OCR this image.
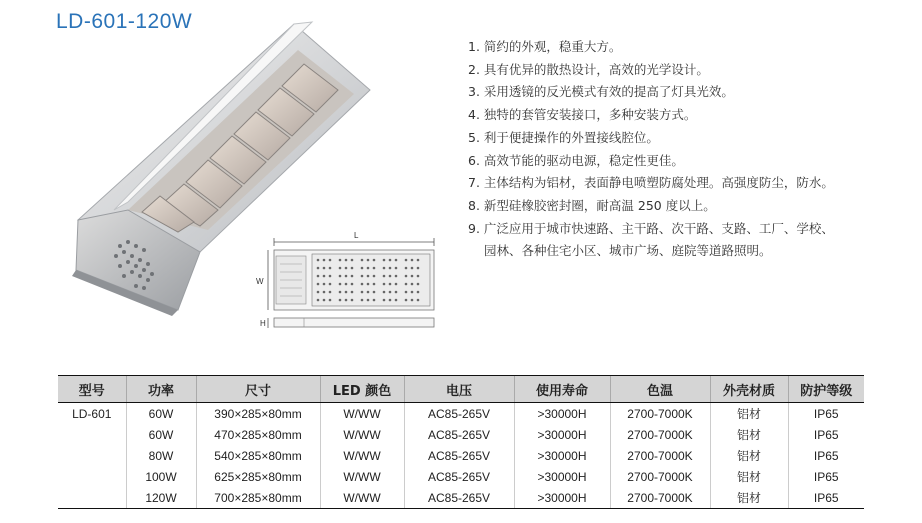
LD-601-120W
L
W
H
1. 简约的外观，稳重大方。
2. 具有优异的散热设计，高效的光学设计。
3. 采用透镜的反光模式有效的提高了灯具光效。
4. 独特的套管安装接口，多种安装方式。
5. 利于便捷操作的外置接线腔位。
6. 高效节能的驱动电源，稳定性更佳。
7. 主体结构为铝材，表面静电喷塑防腐处理。高强度防尘，防水。
8. 新型硅橡胶密封圈，耐高温 250 度以上。
9. 广泛应用于城市快速路、主干路、次干路、支路、工厂、学校、
园林、各种住宅小区、城市广场、庭院等道路照明。
型号	功率	尺寸	LED 颜色	电压	使用寿命	色温	外壳材质	防护等级
LD-601	60W	390×285×80mm	W/WW	AC85-265V	>30000H	2700-7000K	铝材	IP65
	60W	470×285×80mm	W/WW	AC85-265V	>30000H	2700-7000K	铝材	IP65
	80W	540×285×80mm	W/WW	AC85-265V	>30000H	2700-7000K	铝材	IP65
	100W	625×285×80mm	W/WW	AC85-265V	>30000H	2700-7000K	铝材	IP65
	120W	700×285×80mm	W/WW	AC85-265V	>30000H	2700-7000K	铝材	IP65
